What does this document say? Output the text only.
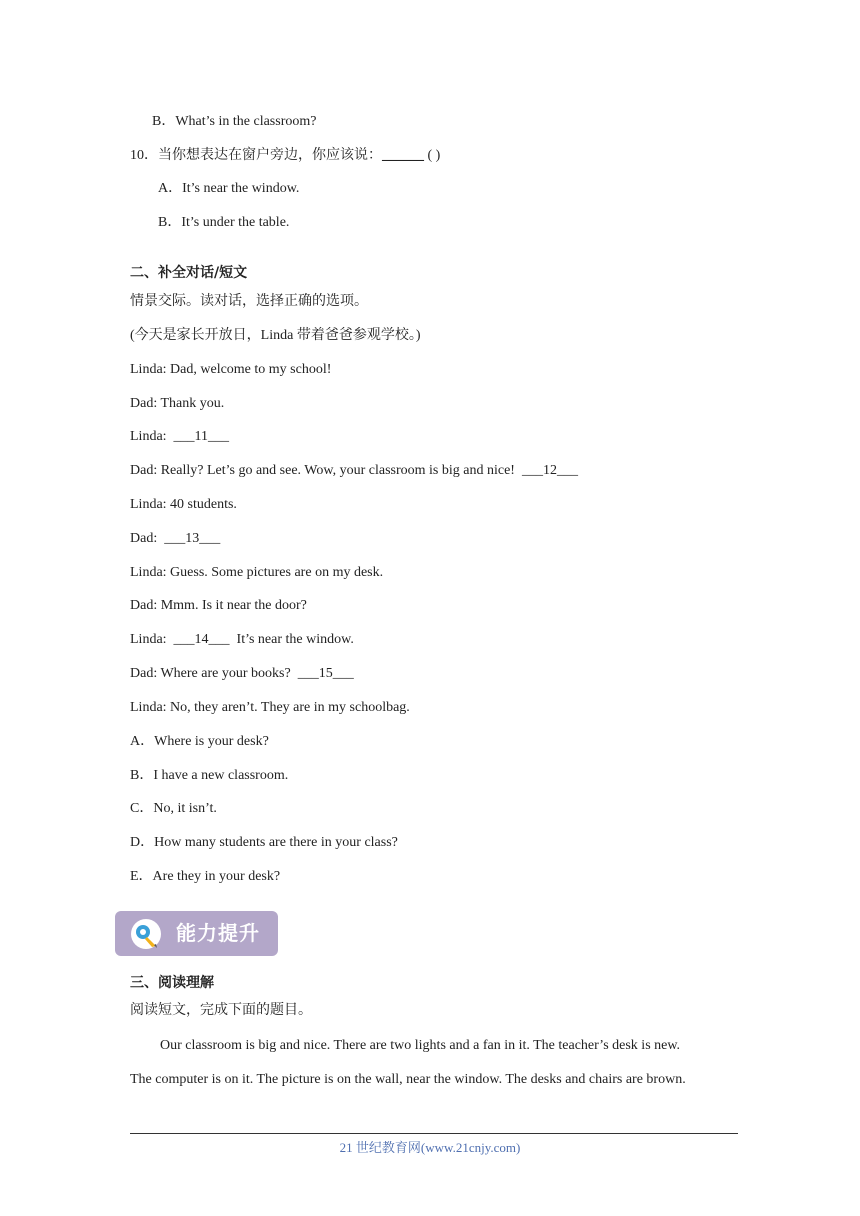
B．What’s in the classroom?
10．当你想表达在窗户旁边，你应该说：______ ( )
A．It’s near the window.
B．It’s under the table.
二、补全对话/短文
情景交际。读对话，选择正确的选项。
(今天是家长开放日，Linda 带着爸爸参观学校。)
Linda: Dad, welcome to my school!
Dad: Thank you.
Linda:  ___11___
Dad: Really? Let’s go and see. Wow, your classroom is big and nice!  ___12___
Linda: 40 students.
Dad:  ___13___
Linda: Guess. Some pictures are on my desk.
Dad: Mmm. Is it near the door?
Linda:  ___14___  It’s near the window.
Dad: Where are your books?  ___15___
Linda: No, they aren’t. They are in my schoolbag.
A．Where is your desk?
B．I have a new classroom.
C．No, it isn’t.
D．How many students are there in your class?
E．Are they in your desk?
能力提升
三、阅读理解
阅读短文，完成下面的题目。
Our classroom is big and nice. There are two lights and a fan in it. The teacher’s desk is new.
The computer is on it. The picture is on the wall, near the window. The desks and chairs are brown.
21 世纪教育网(www.21cnjy.com)
